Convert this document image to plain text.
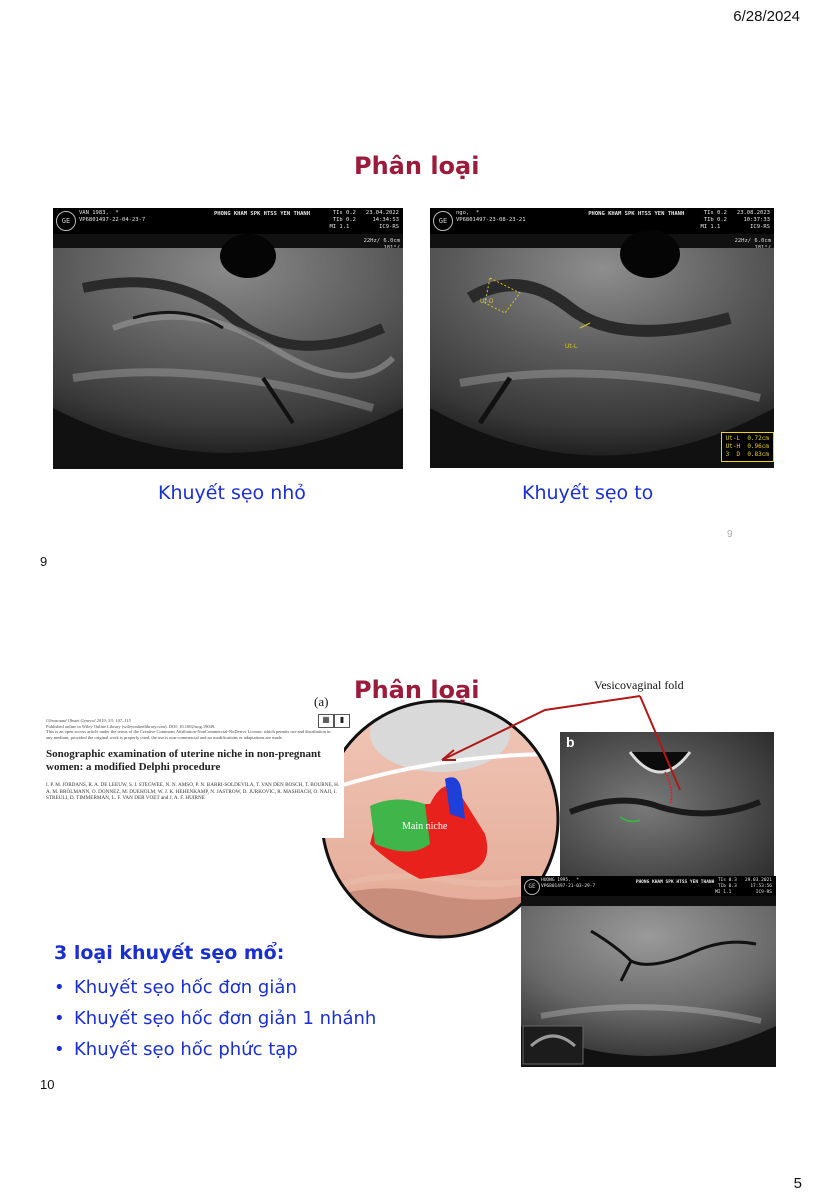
6/28/2024
Phân loại
GE
VAN 1983,  *
VP6801497-22-04-23-7
PHONG KHAM SPK HTSS YEN THANH	TIs 0.2   23.04.2022
TIb 0.2     14:34:53
MI 1.1         IC9-RS
22Hz/ 6.0cm

GE
ngo,  *
VP6801497-23-08-23-21
PHONG KHAM SPK HTSS YEN THANH	TIs 0.2   23.08.2023
TIb 0.2     10:37:33
MI 1.1         IC9-RS
22Hz/ 6.0cm

Ut-D
Ut-L
Ut-L  0.72cm
Ut-H  0.96cm
3  D  0.83cm
Khuyết sẹo nhỏ	Khuyết sẹo to
9
9
Main niche
(a)
Ultrasound Obstet Gynecol 2019; 53: 107–115
Published online in Wiley Online Library (wileyonlinelibrary.com). DOI: 10.1002/uog.19049.
This is an open access article under the terms of the Creative Commons Attribution-NonCommercial-NoDerivs License, which permits use and distribution in any medium, provided the original work is properly cited, the use is non-commercial and no modifications or adaptations are made.
Sonographic examination of uterine niche in non-pregnant women: a modified Delphi procedure
I. P. M. JORDANS, R. A. DE LEEUW, S. I. STEGWEE, N. N. AMSO, P. N. BARRI-SOLDEVILA, T. VAN DEN BOSCH, T. BOURNE, H. A. M. BRÖLMANN, O. DONNEZ, M. DUEHOLM, W. J. K. HEHENKAMP, N. JASTROW, D. JURKOVIC, R. MASHIACH, O. NAJI, I. STREULI, D. TIMMERMAN, L. F. VAN DER VOET and J. A. F. HUIRNE
▦	▮
Phân loại	Vesicovaginal fold
b
GE
HUONG 1995,  *
VP6801497-21-03-29-7
PHONG KHAM SPK HTSS YEN THANH TIs 0.3   29.03.2021
TIb 0.3     17:53:56
MI 1.1         IC9-RS
3 loại khuyết sẹo mổ:
• Khuyết sẹo hốc đơn giản
• Khuyết sẹo hốc đơn giản 1 nhánh
• Khuyết sẹo hốc phức tạp
10
5
